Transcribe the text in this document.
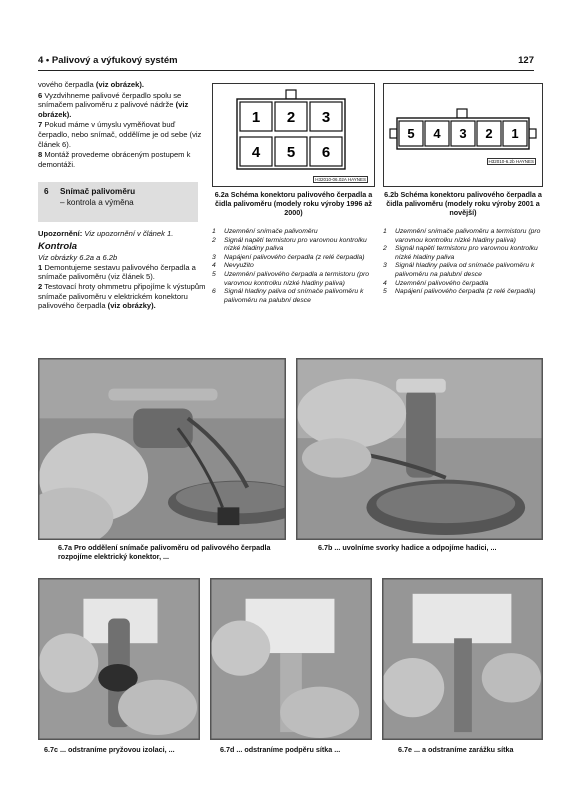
4 • Palivový a výfukový systém	127

vového čerpadla (viz obrázek).

6 Vyzdvihneme palivové čerpadlo spolu se snímačem palivoměru z palivové nádrže (viz obrázek).

7 Pokud máme v úmyslu vyměňovat buď čerpadlo, nebo snímač, oddělíme je od sebe (viz článek 6).

8 Montáž provedeme obráceným postupem k demontáži.

6 Snímač palivoměru
– kontrola a výměna

Upozornění: Viz upozornění v článek 1.

Kontrola

Viz obrázky 6.2a a 6.2b

1 Demontujeme sestavu palivového čerpadla a snímače palivoměru (viz článek 5).

2 Testovací hroty ohmmetru připojíme k výstupům snímače palivoměru v elektrickém konektoru palivového čerpadla (viz obrázky).

1 2 3
4 5 6
H32010-06.02A HAYNES
6.2a Schéma konektoru palivového čerpadla a čidla palivoměru (modely roku výroby 1996 až 2000)
1	Uzemnění snímače palivoměru
2	Signál napětí termistoru pro varovnou kontrolku nízké hladiny paliva
3	Napájení palivového čerpadla (z relé čerpadla)
4	Nevyužito
5	Uzemnění palivového čerpadla a termistoru (pro varovnou kontrolku nízké hladiny paliva)
6	Signál hladiny paliva od snímače palivoměru k palivoměru na palubní desce
5 4 3 2 1
H32010-6.2b HAYNES
6.2b Schéma konektoru palivového čerpadla a čidla palivoměru (modely roku výroby 2001 a novější)
1	Uzemnění snímače palivoměru a termistoru (pro varovnou kontrolku nízké hladiny paliva)
2	Signál napětí termistoru pro varovnou kontrolku nízké hladiny paliva
3	Signál hladiny paliva od snímače palivoměru k palivoměru na palubní desce
4	Uzemnění palivového čerpadla
5	Napájení palivového čerpadla (z relé čerpadla)
6.7a Pro oddělení snímače palivoměru od palivového čerpadla rozpojíme elektrický konektor, ...
6.7b ... uvolníme svorky hadice a odpojíme hadici, ...
6.7c ... odstraníme pryžovou izolaci, ...	6.7d ... odstraníme podpěru sítka ...	6.7e ... a odstraníme zarážku sítka
